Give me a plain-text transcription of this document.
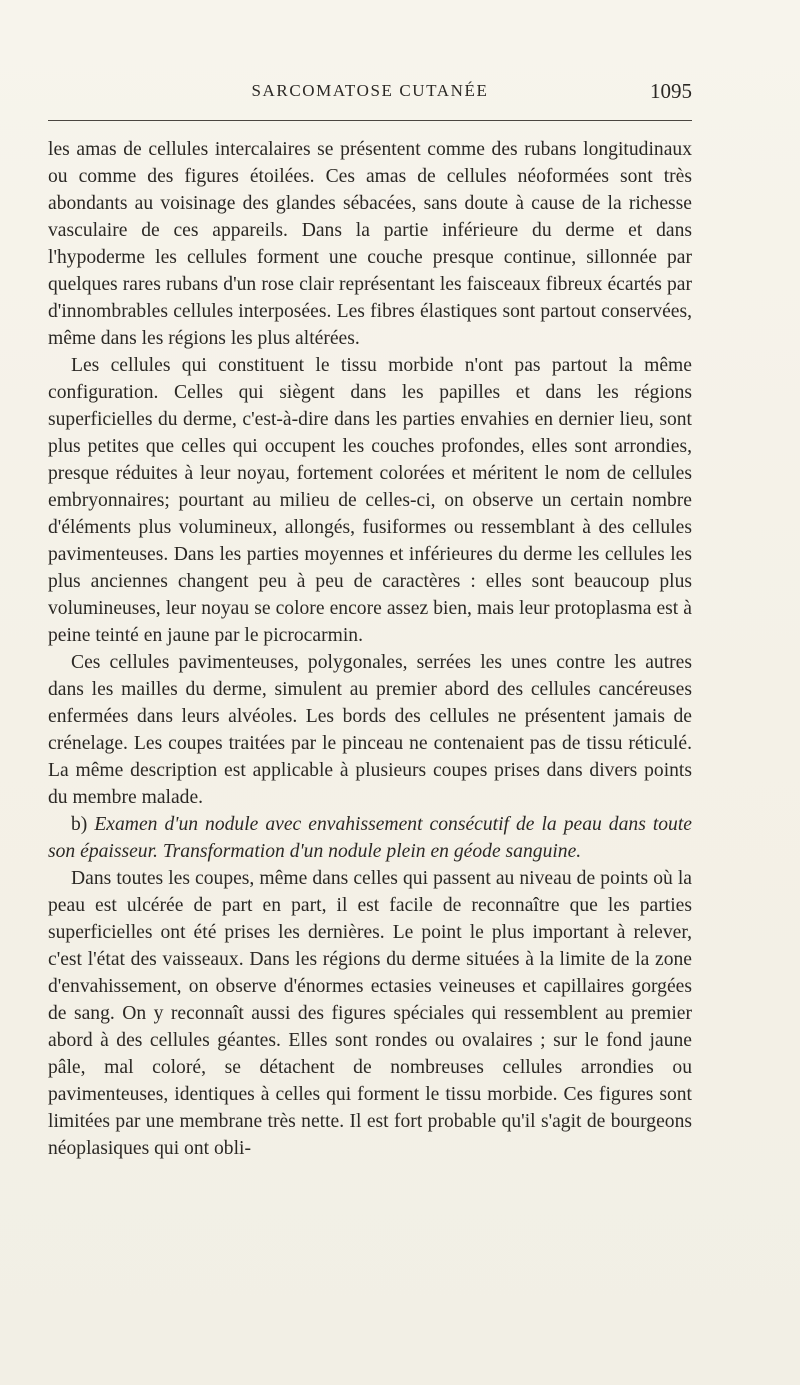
SARCOMATOSE CUTANÉE	1095

les amas de cellules intercalaires se présentent comme des rubans longitudinaux ou comme des figures étoilées. Ces amas de cellules néoformées sont très abondants au voisinage des glandes sébacées, sans doute à cause de la richesse vasculaire de ces appareils. Dans la partie inférieure du derme et dans l'hypoderme les cellules forment une couche presque continue, sillonnée par quelques rares rubans d'un rose clair représentant les faisceaux fibreux écartés par d'innombrables cellules interposées. Les fibres élastiques sont partout conservées, même dans les régions les plus altérées.

Les cellules qui constituent le tissu morbide n'ont pas partout la même configuration. Celles qui siègent dans les papilles et dans les régions superficielles du derme, c'est-à-dire dans les parties envahies en dernier lieu, sont plus petites que celles qui occupent les couches profondes, elles sont arrondies, presque réduites à leur noyau, fortement colorées et méritent le nom de cellules embryonnaires; pourtant au milieu de celles-ci, on observe un certain nombre d'éléments plus volumineux, allongés, fusiformes ou ressemblant à des cellules pavimenteuses. Dans les parties moyennes et inférieures du derme les cellules les plus anciennes changent peu à peu de caractères : elles sont beaucoup plus volumineuses, leur noyau se colore encore assez bien, mais leur protoplasma est à peine teinté en jaune par le picrocarmin.

Ces cellules pavimenteuses, polygonales, serrées les unes contre les autres dans les mailles du derme, simulent au premier abord des cellules cancéreuses enfermées dans leurs alvéoles. Les bords des cellules ne présentent jamais de crénelage. Les coupes traitées par le pinceau ne contenaient pas de tissu réticulé. La même description est applicable à plusieurs coupes prises dans divers points du membre malade.

b) Examen d'un nodule avec envahissement consécutif de la peau dans toute son épaisseur. Transformation d'un nodule plein en géode sanguine.

Dans toutes les coupes, même dans celles qui passent au niveau de points où la peau est ulcérée de part en part, il est facile de reconnaître que les parties superficielles ont été prises les dernières. Le point le plus important à relever, c'est l'état des vaisseaux. Dans les régions du derme situées à la limite de la zone d'envahissement, on observe d'énormes ectasies veineuses et capillaires gorgées de sang. On y reconnaît aussi des figures spéciales qui ressemblent au premier abord à des cellules géantes. Elles sont rondes ou ovalaires ; sur le fond jaune pâle, mal coloré, se détachent de nombreuses cellules arrondies ou pavimenteuses, identiques à celles qui forment le tissu morbide. Ces figures sont limitées par une membrane très nette. Il est fort probable qu'il s'agit de bourgeons néoplasiques qui ont obli-
